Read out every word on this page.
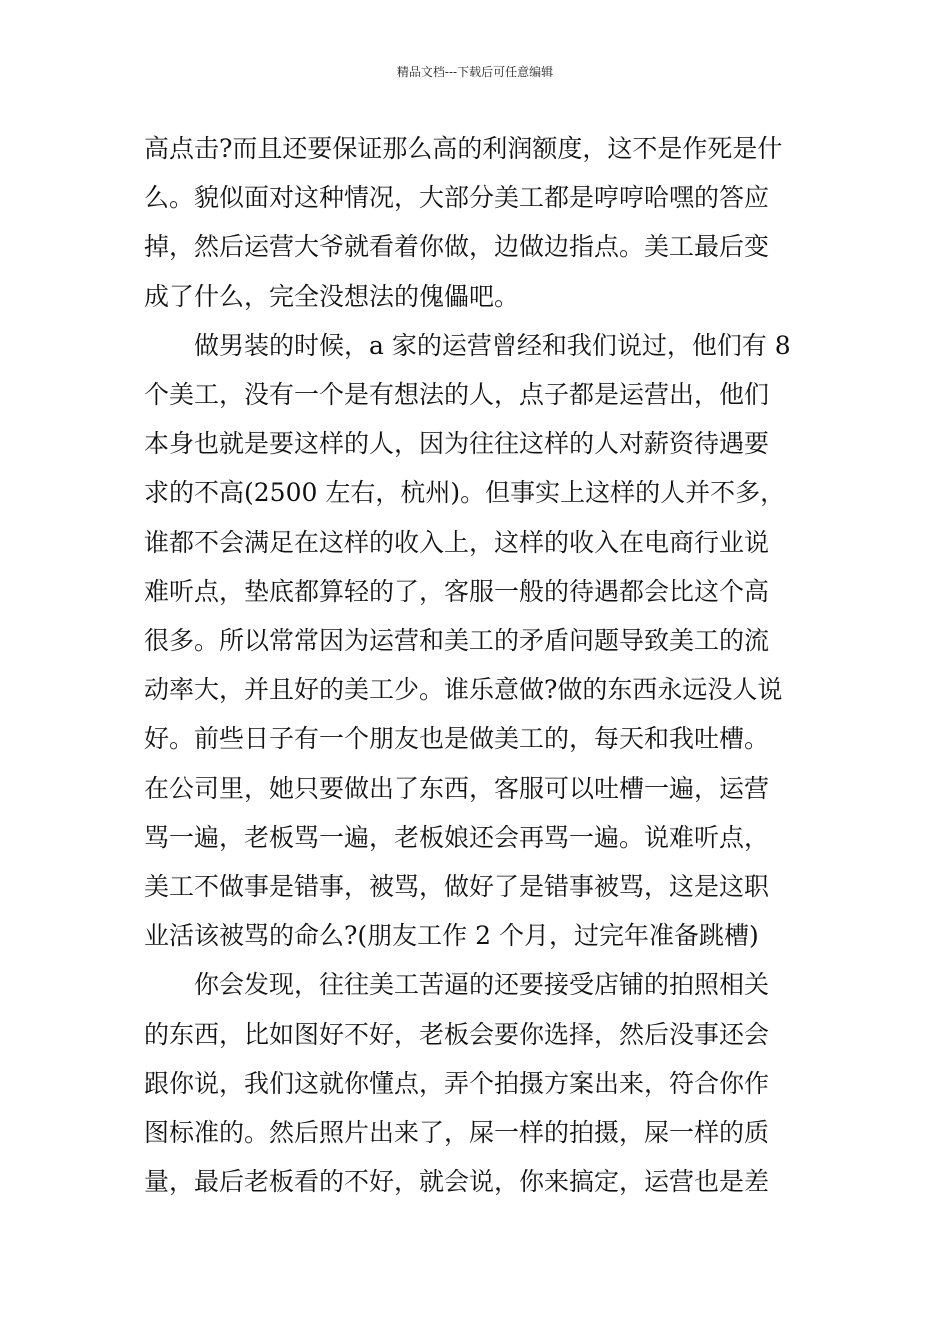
精品文档---下载后可任意编辑
高点击?而且还要保证那么高的利润额度，这不是作死是什
么。貌似面对这种情况，大部分美工都是哼哼哈嘿的答应
掉，然后运营大爷就看着你做，边做边指点。美工最后变
成了什么，完全没想法的傀儡吧。
做男装的时候，a 家的运营曾经和我们说过，他们有 8
个美工，没有一个是有想法的人，点子都是运营出，他们
本身也就是要这样的人，因为往往这样的人对薪资待遇要
求的不高(2500 左右，杭州)。但事实上这样的人并不多，
谁都不会满足在这样的收入上，这样的收入在电商行业说
难听点，垫底都算轻的了，客服一般的待遇都会比这个高
很多。所以常常因为运营和美工的矛盾问题导致美工的流
动率大，并且好的美工少。谁乐意做?做的东西永远没人说
好。前些日子有一个朋友也是做美工的，每天和我吐槽。
在公司里，她只要做出了东西，客服可以吐槽一遍，运营
骂一遍，老板骂一遍，老板娘还会再骂一遍。说难听点，
美工不做事是错事，被骂，做好了是错事被骂，这是这职
业活该被骂的命么?(朋友工作 2 个月，过完年准备跳槽)
你会发现，往往美工苦逼的还要接受店铺的拍照相关
的东西，比如图好不好，老板会要你选择，然后没事还会
跟你说，我们这就你懂点，弄个拍摄方案出来，符合你作
图标准的。然后照片出来了，屎一样的拍摄，屎一样的质
量，最后老板看的不好，就会说，你来搞定，运营也是差
